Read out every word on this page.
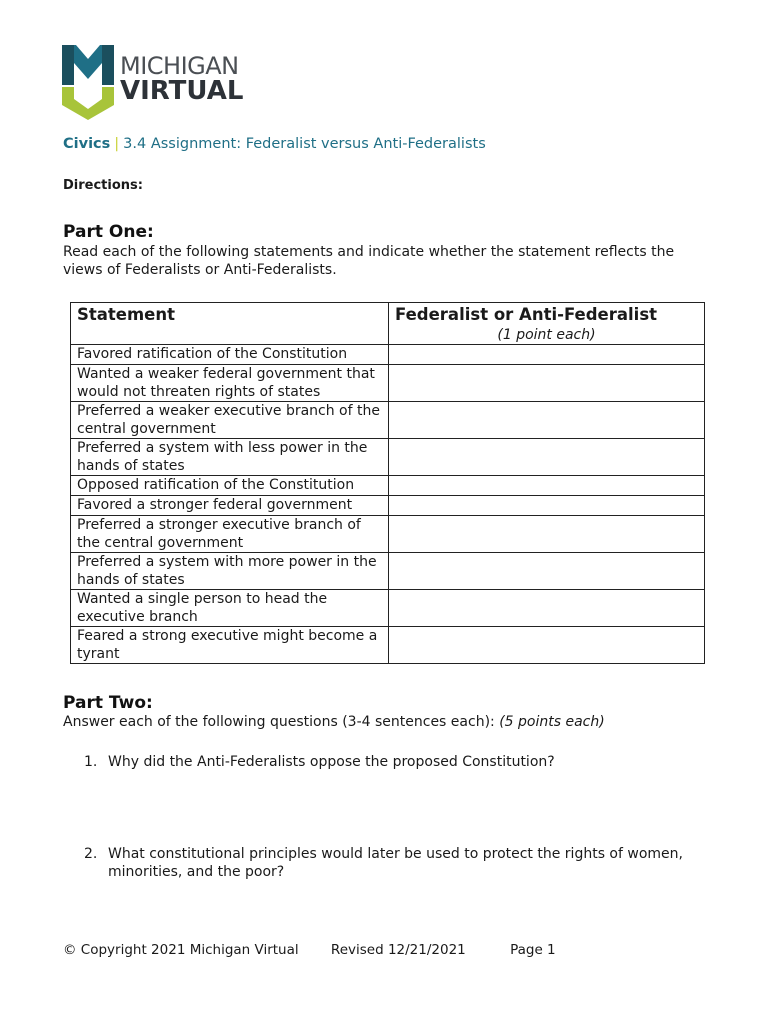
MICHIGAN
VIRTUAL
Civics | 3.4 Assignment: Federalist versus Anti-Federalists
Directions:
Part One:
Read each of the following statements and indicate whether the statement reflects the views of Federalists or Anti-Federalists.
Statement	Federalist or Anti-Federalist
(1 point each)

Favored ratification of the Constitution	
Wanted a weaker federal government that would not threaten rights of states	
Preferred a weaker executive branch of the central government	
Preferred a system with less power in the hands of states	
Opposed ratification of the Constitution	
Favored a stronger federal government	
Preferred a stronger executive branch of the central government	
Preferred a system with more power in the hands of states	
Wanted a single person to head the executive branch	
Feared a strong executive might become a tyrant	
Part Two:
Answer each of the following questions (3-4 sentences each): (5 points each)
1. Why did the Anti-Federalists oppose the proposed Constitution?
2. What constitutional principles would later be used to protect the rights of women, minorities, and the poor?
© Copyright 2021 Michigan Virtual Revised 12/21/2021	Page 1
